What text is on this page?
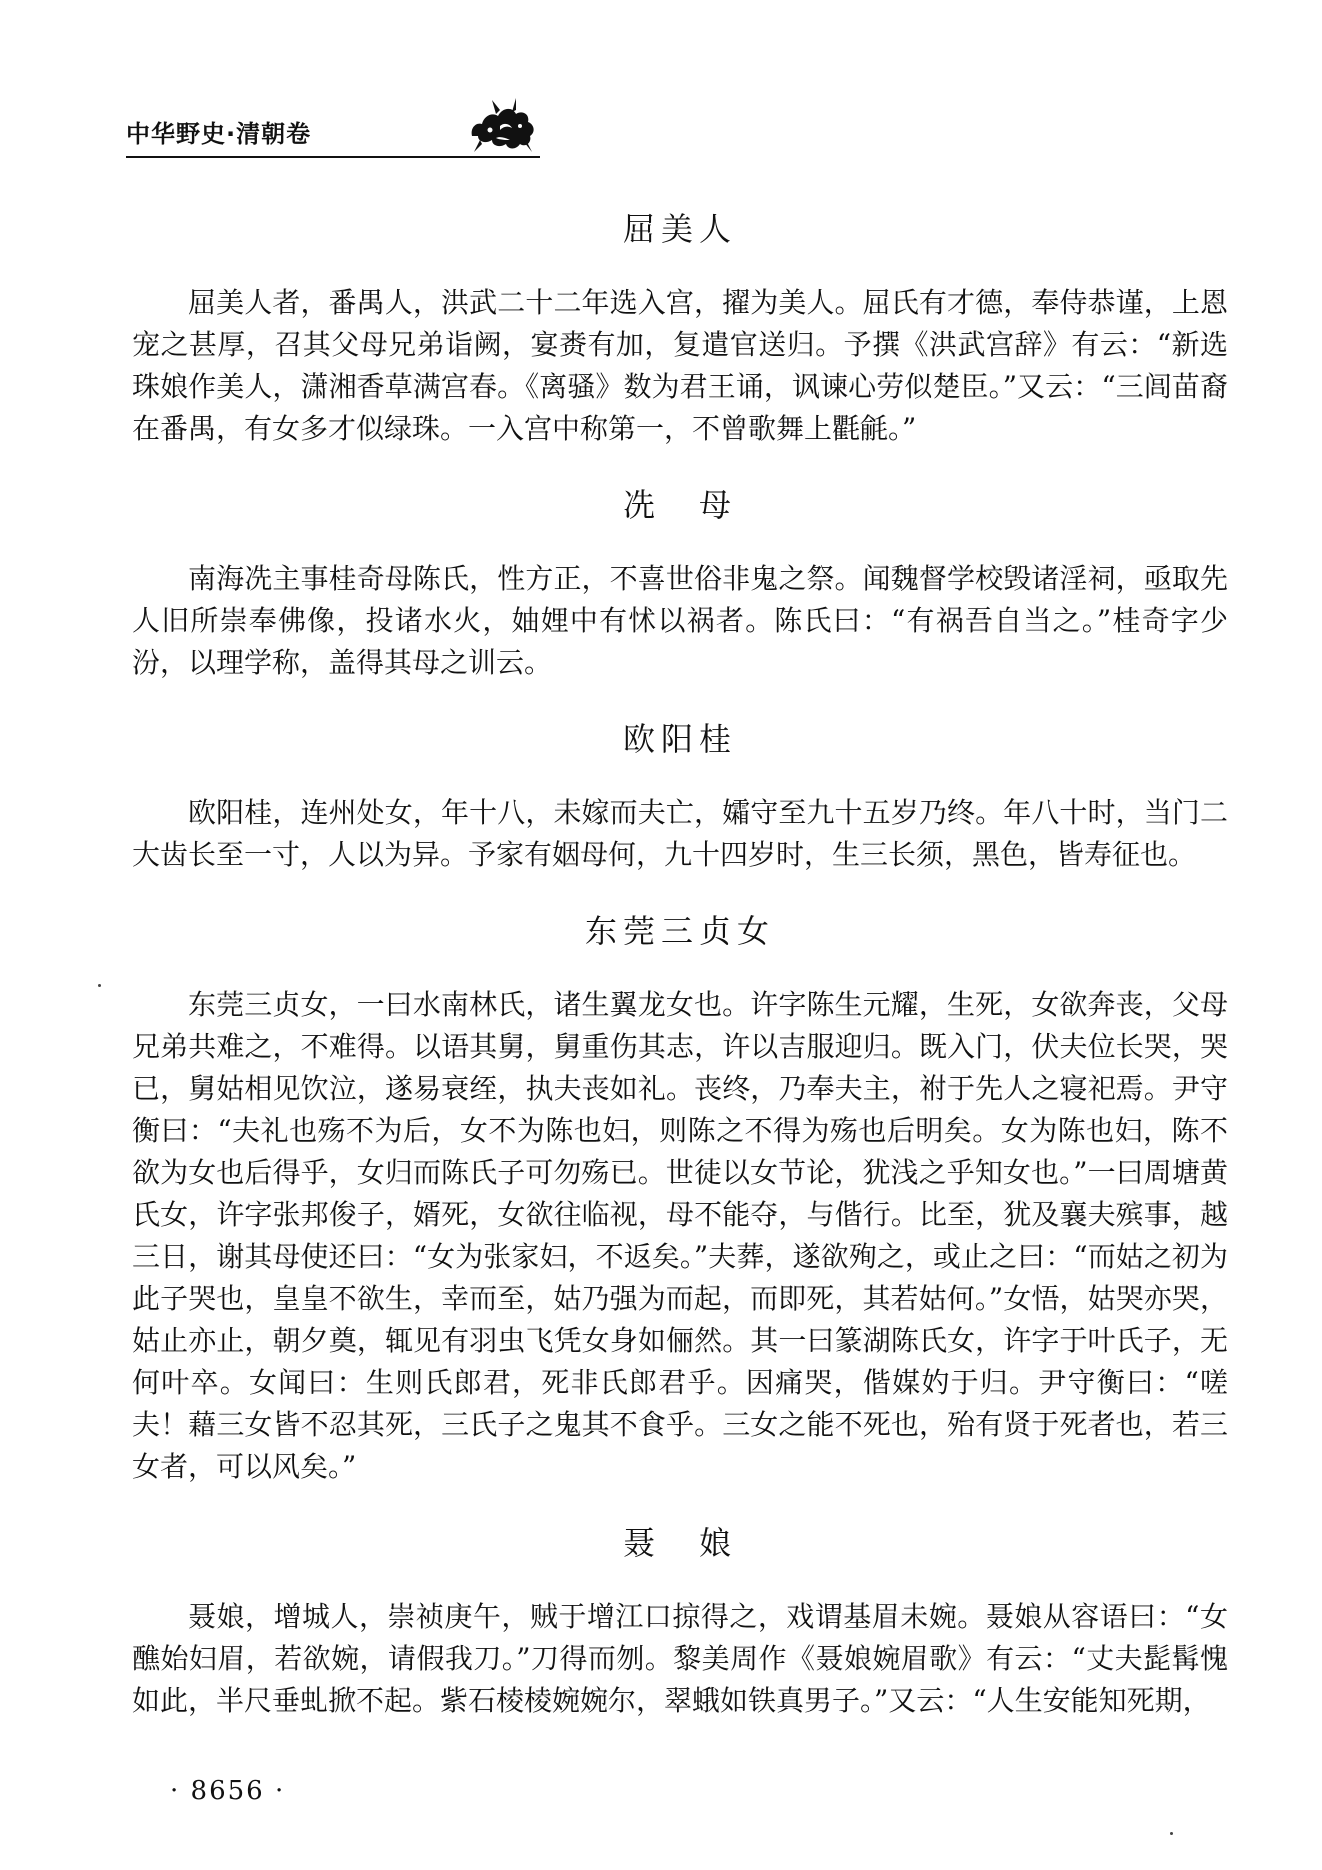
中华野史·清朝卷
屈美人

屈美人者，番禺人，洪武二十二年选入宫，擢为美人。屈氏有才德，奉侍恭谨，上恩宠之甚厚，召其父母兄弟诣阙，宴赉有加，复遣官送归。予撰《洪武宫辞》有云：“新选珠娘作美人，潇湘香草满宫春。《离骚》数为君王诵，讽谏心劳似楚臣。”又云：“三闾苗裔在番禺，有女多才似绿珠。一入宫中称第一，不曾歌舞上氍毹。”

冼　母

南海冼主事桂奇母陈氏，性方正，不喜世俗非鬼之祭。闻魏督学校毁诸淫祠，亟取先人旧所崇奉佛像，投诸水火，妯娌中有怵以祸者。陈氏曰：“有祸吾自当之。”桂奇字少汾，以理学称，盖得其母之训云。

欧阳桂

欧阳桂，连州处女，年十八，未嫁而夫亡，孀守至九十五岁乃终。年八十时，当门二大齿长至一寸，人以为异。予家有姻母何，九十四岁时，生三长须，黑色，皆寿征也。

东莞三贞女

东莞三贞女，一曰水南林氏，诸生翼龙女也。许字陈生元耀，生死，女欲奔丧，父母兄弟共难之，不难得。以语其舅，舅重伤其志，许以吉服迎归。既入门，伏夫位长哭，哭已，舅姑相见饮泣，遂易衰绖，执夫丧如礼。丧终，乃奉夫主，祔于先人之寝祀焉。尹守衡曰：“夫礼也殇不为后，女不为陈也妇，则陈之不得为殇也后明矣。女为陈也妇，陈不欲为女也后得乎，女归而陈氏子可勿殇已。世徒以女节论，犹浅之乎知女也。”一曰周塘黄氏女，许字张邦俊子，婿死，女欲往临视，母不能夺，与偕行。比至，犹及襄夫殡事，越三日，谢其母使还曰：“女为张家妇，不返矣。”夫葬，遂欲殉之，或止之曰：“而姑之初为此子哭也，皇皇不欲生，幸而至，姑乃强为而起，而即死，其若姑何。”女悟，姑哭亦哭，姑止亦止，朝夕奠，辄见有羽虫飞凭女身如俪然。其一曰篆湖陈氏女，许字于叶氏子，无何叶卒。女闻曰：生则氏郎君，死非氏郎君乎。因痛哭，偕媒妁于归。尹守衡曰：“嗟夫！藉三女皆不忍其死，三氏子之鬼其不食乎。三女之能不死也，殆有贤于死者也，若三女者，可以风矣。”

聂　娘

聂娘，增城人，崇祯庚午，贼于增江口掠得之，戏谓基眉未婉。聂娘从容语曰：“女醮始妇眉，若欲婉，请假我刀。”刀得而刎。黎美周作《聂娘婉眉歌》有云：“丈夫髭髯愧如此，半尺垂虬掀不起。紫石棱棱婉婉尔，翠蛾如铁真男子。”又云：“人生安能知死期，

· 8656 ·
